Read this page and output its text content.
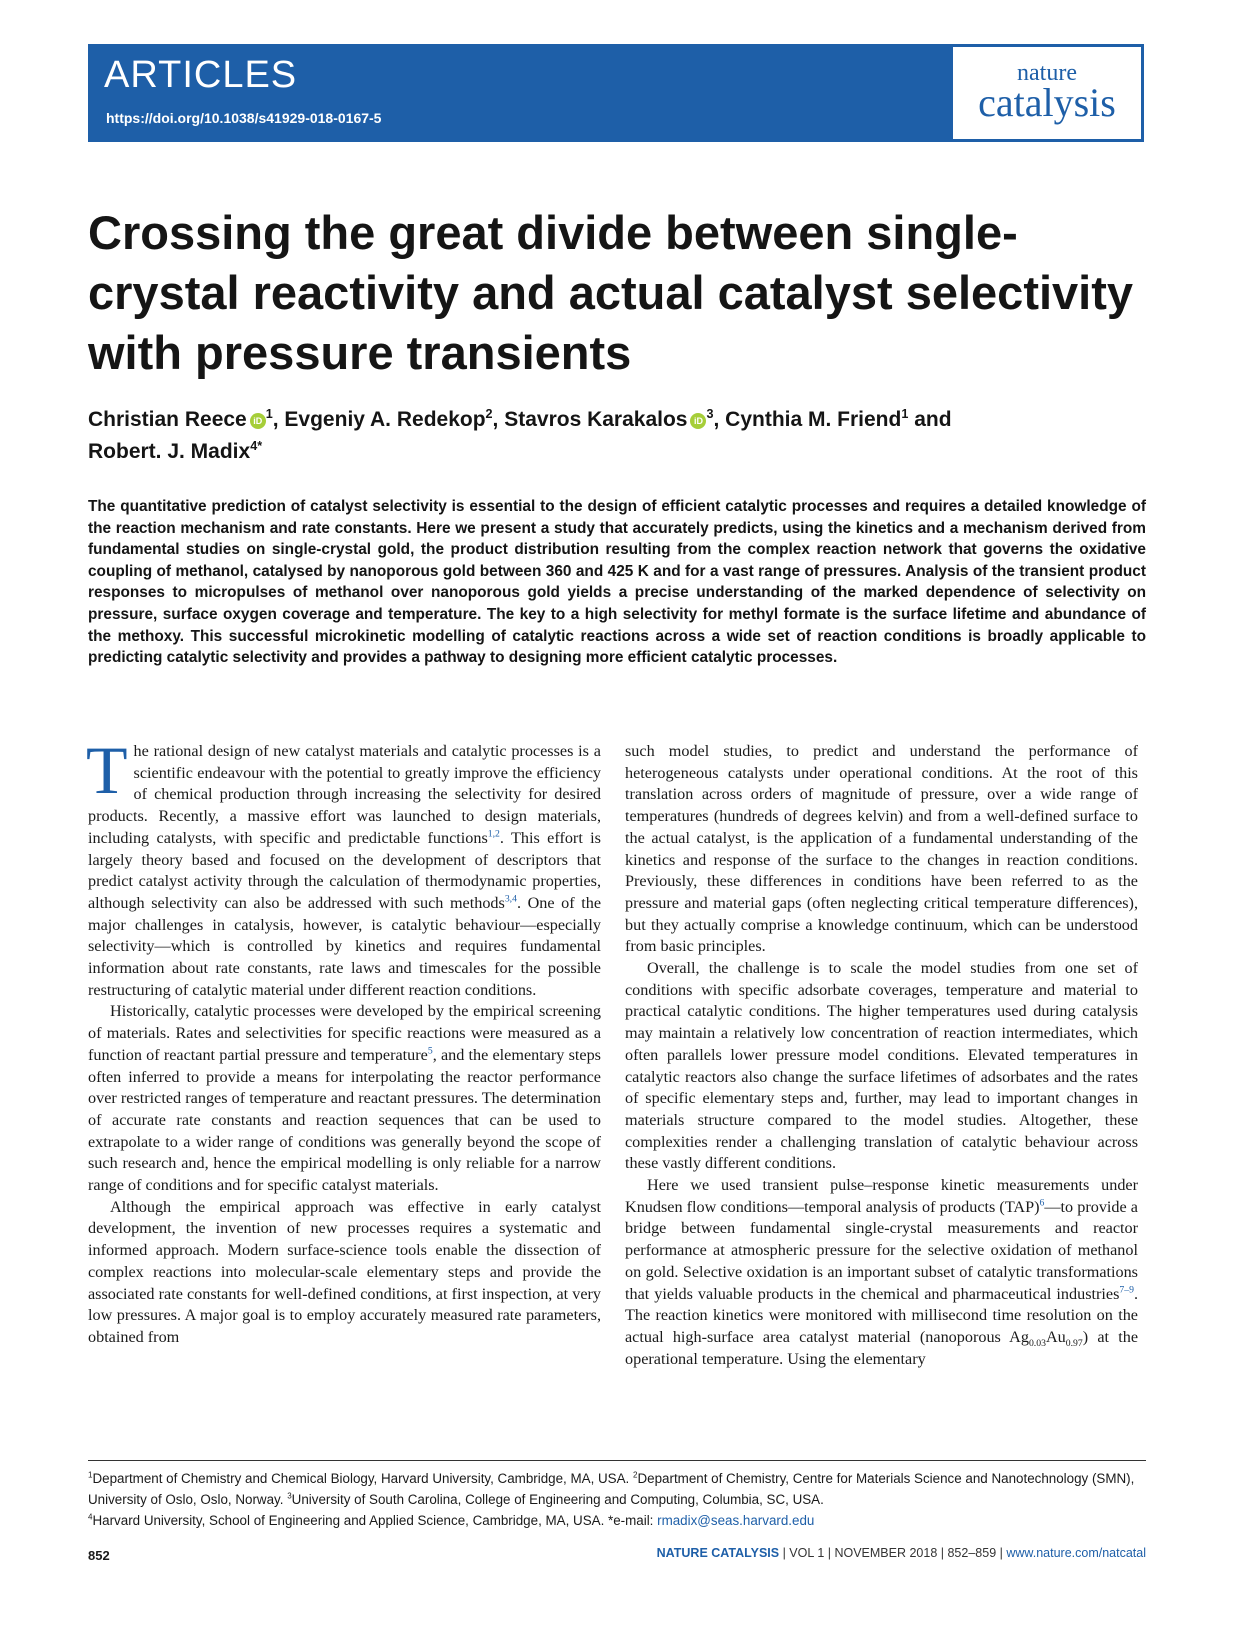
ARTICLES
https://doi.org/10.1038/s41929-018-0167-5
nature
catalysis
Crossing the great divide between single-crystal reactivity and actual catalyst selectivity with pressure transients
Christian Reece iD $^1$, Evgeniy A. Redekop$^2$, Stavros Karakalos iD $^3$, Cynthia M. Friend$^1$ and
Robert. J. Madix$^{4*}$

The quantitative prediction of catalyst selectivity is essential to the design of efficient catalytic processes and requires a detailed knowledge of the reaction mechanism and rate constants. Here we present a study that accurately predicts, using the kinetics and a mechanism derived from fundamental studies on single-crystal gold, the product distribution resulting from the complex reaction network that governs the oxidative coupling of methanol, catalysed by nanoporous gold between 360 and 425 K and for a vast range of pressures. Analysis of the transient product responses to micropulses of methanol over nanoporous gold yields a precise understanding of the marked dependence of selectivity on pressure, surface oxygen coverage and temperature. The key to a high selectivity for methyl formate is the surface lifetime and abundance of the methoxy. This successful microkinetic modelling of catalytic reactions across a wide set of reaction conditions is broadly applicable to predicting catalytic selectivity and provides a pathway to designing more efficient catalytic processes.

The rational design of new catalyst materials and catalytic processes is a scientific endeavour with the potential to greatly improve the efficiency of chemical production through increasing the selectivity for desired products. Recently, a massive effort was launched to design materials, including catalysts, with specific and predictable functions$^{1,2}$. This effort is largely theory based and focused on the development of descriptors that predict catalyst activity through the calculation of thermodynamic properties, although selectivity can also be addressed with such methods$^{3,4}$. One of the major challenges in catalysis, however, is catalytic behaviour—especially selectivity—which is controlled by kinetics and requires fundamental information about rate constants, rate laws and timescales for the possible restructuring of catalytic material under different reaction conditions.

Historically, catalytic processes were developed by the empirical screening of materials. Rates and selectivities for specific reactions were measured as a function of reactant partial pressure and temperature$^5$, and the elementary steps often inferred to provide a means for interpolating the reactor performance over restricted ranges of temperature and reactant pressures. The determination of accurate rate constants and reaction sequences that can be used to extrapolate to a wider range of conditions was generally beyond the scope of such research and, hence the empirical modelling is only reliable for a narrow range of conditions and for specific catalyst materials.

Although the empirical approach was effective in early catalyst development, the invention of new processes requires a systematic and informed approach. Modern surface-science tools enable the dissection of complex reactions into molecular-scale elementary steps and provide the associated rate constants for well-defined conditions, at first inspection, at very low pressures. A major goal is to employ accurately measured rate parameters, obtained from

such model studies, to predict and understand the performance of heterogeneous catalysts under operational conditions. At the root of this translation across orders of magnitude of pressure, over a wide range of temperatures (hundreds of degrees kelvin) and from a well-defined surface to the actual catalyst, is the application of a fundamental understanding of the kinetics and response of the surface to the changes in reaction conditions. Previously, these differences in conditions have been referred to as the pressure and material gaps (often neglecting critical temperature differences), but they actually comprise a knowledge continuum, which can be understood from basic principles.

Overall, the challenge is to scale the model studies from one set of conditions with specific adsorbate coverages, temperature and material to practical catalytic conditions. The higher temperatures used during catalysis may maintain a relatively low concentration of reaction intermediates, which often parallels lower pressure model conditions. Elevated temperatures in catalytic reactors also change the surface lifetimes of adsorbates and the rates of specific elementary steps and, further, may lead to important changes in materials structure compared to the model studies. Altogether, these complexities render a challenging translation of catalytic behaviour across these vastly different conditions.

Here we used transient pulse–response kinetic measurements under Knudsen flow conditions—temporal analysis of products (TAP)$^6$—to provide a bridge between fundamental single-crystal measurements and reactor performance at atmospheric pressure for the selective oxidation of methanol on gold. Selective oxidation is an important subset of catalytic transformations that yields valuable products in the chemical and pharmaceutical industries$^{7-9}$. The reaction kinetics were monitored with millisecond time resolution on the actual high-surface area catalyst material (nanoporous $Ag_{0.03}Au_{0.97}$) at the operational temperature. Using the elementary

$^1$Department of Chemistry and Chemical Biology, Harvard University, Cambridge, MA, USA. $^2$Department of Chemistry, Centre for Materials Science and Nanotechnology (SMN), University of Oslo, Oslo, Norway. $^3$University of South Carolina, College of Engineering and Computing, Columbia, SC, USA.
$^4$Harvard University, School of Engineering and Applied Science, Cambridge, MA, USA. *e-mail: rmadix@seas.harvard.edu
852	NATURE CATALYSIS | VOL 1 | NOVEMBER 2018 | 852–859 | www.nature.com/natcatal
